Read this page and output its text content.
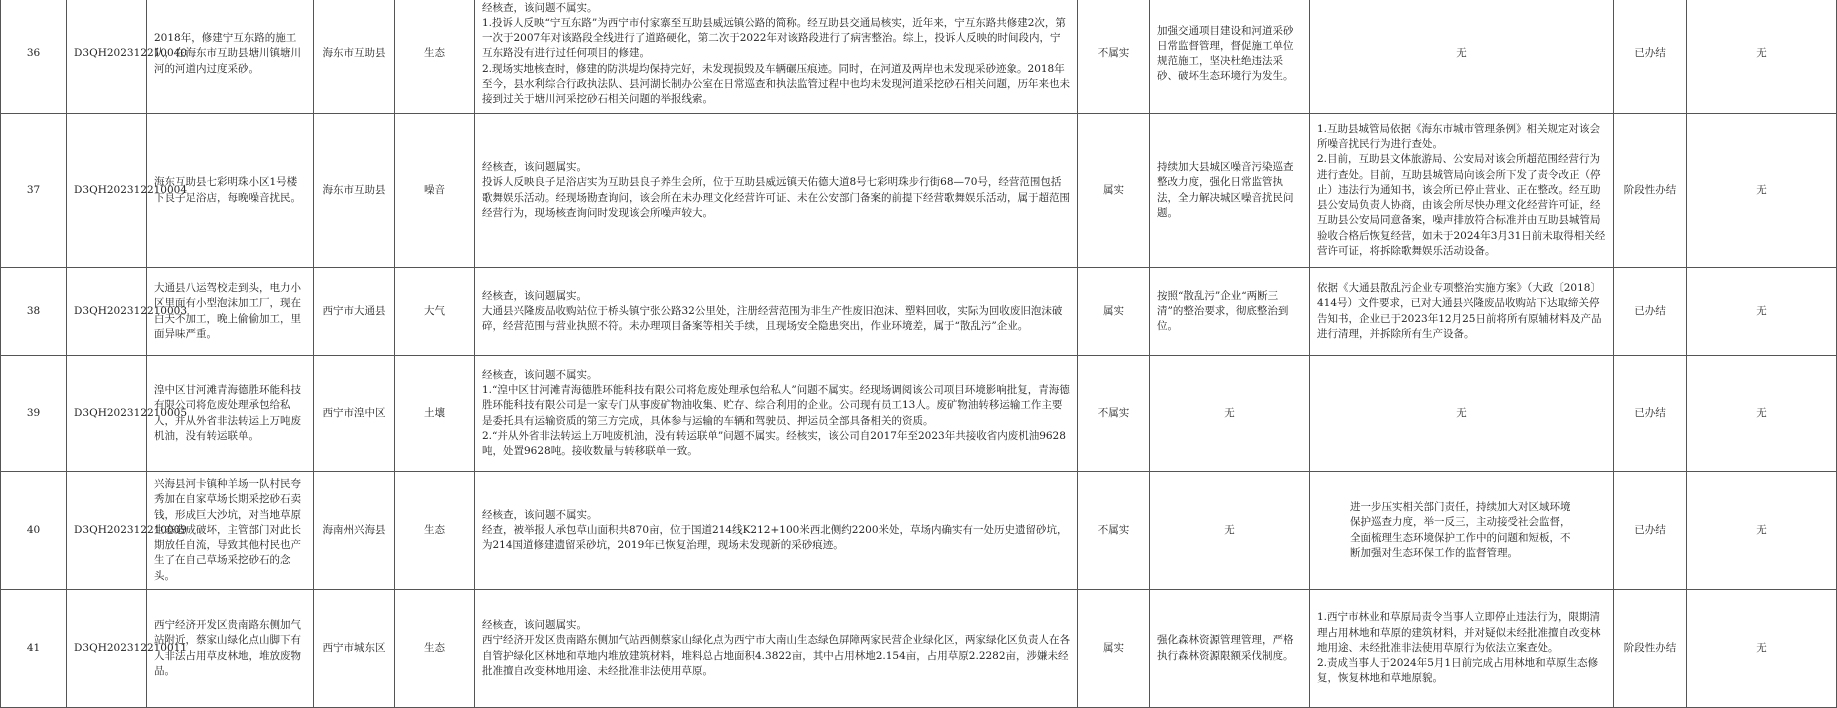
36	D3QH202312210040	2018年，修建宁互东路的施工队，在海东市互助县塘川镇塘川河的河道内过度采砂。	海东市互助县	生态	经核查，该问题不属实。
1.投诉人反映“宁互东路”为西宁市付家寨至互助县威远镇公路的简称。经互助县交通局核实，近年来，宁互东路共修建2次，第一次于2007年对该路段全线进行了道路硬化，第二次于2022年对该路段进行了病害整治。综上，投诉人反映的时间段内，宁互东路没有进行过任何项目的修建。
2.现场实地核查时，修建的防洪堤均保持完好，未发现损毁及车辆碾压痕迹。同时，在河道及两岸也未发现采砂迹象。2018年至今，县水利综合行政执法队、县河湖长制办公室在日常巡查和执法监管过程中也均未发现河道采挖砂石相关问题，历年来也未接到过关于塘川河采挖砂石相关问题的举报线索。	不属实	加强交通项目建设和河道采砂日常监督管理，督促施工单位规范施工，坚决杜绝违法采砂、破坏生态环境行为发生。	无	已办结	无
37	D3QH202312210004	海东互助县七彩明珠小区1号楼下良子足浴店，每晚噪音扰民。	海东市互助县	噪音	经核查，该问题属实。
投诉人反映良子足浴店实为互助县良子养生会所，位于互助县威远镇天佑德大道8号七彩明珠步行街68—70号，经营范围包括歌舞娱乐活动。经现场勘查询问，该会所在未办理文化经营许可证、未在公安部门备案的前提下经营歌舞娱乐活动，属于超范围经营行为，现场核查询问时发现该会所噪声较大。	属实	持续加大县城区噪音污染巡查整改力度，强化日常监管执法，全力解决城区噪音扰民问题。	1.互助县城管局依据《海东市城市管理条例》相关规定对该会所噪音扰民行为进行查处。
2.目前，互助县文体旅游局、公安局对该会所超范围经营行为进行查处。目前，互助县城管局向该会所下发了责令改正（停止）违法行为通知书，该会所已停止营业、正在整改。经互助县公安局负责人协商，由该会所尽快办理文化经营许可证，经互助县公安局同意备案，噪声排放符合标准并由互助县城管局验收合格后恢复经营，如未于2024年3月31日前未取得相关经营许可证，将拆除歌舞娱乐活动设备。	阶段性办结	无
38	D3QH202312210003	大通县八运驾校走到头，电力小区里面有小型泡沫加工厂，现在白天不加工，晚上偷偷加工，里面异味严重。	西宁市大通县	大气	经核查，该问题属实。
大通县兴隆废品收购站位于桥头镇宁张公路32公里处，注册经营范围为非生产性废旧泡沫、塑料回收，实际为回收废旧泡沫破碎，经营范围与营业执照不符。未办理项目备案等相关手续，且现场安全隐患突出，作业环境差，属于“散乱污”企业。	属实	按照“散乱污”企业“两断三清”的整治要求，彻底整治到位。	依据《大通县散乱污企业专项整治实施方案》（大政〔2018〕414号）文件要求，已对大通县兴隆废品收购站下达取缔关停告知书，企业已于2023年12月25日前将所有原辅材料及产品进行清理，并拆除所有生产设备。	已办结	无
39	D3QH202312210005	湟中区甘河滩青海德胜环能科技有限公司将危废处理承包给私人，并从外省非法转运上万吨废机油，没有转运联单。	西宁市湟中区	土壤	经核查，该问题不属实。
1.“湟中区甘河滩青海德胜环能科技有限公司将危废处理承包给私人”问题不属实。经现场调阅该公司项目环境影响批复，青海德胜环能科技有限公司是一家专门从事废矿物油收集、贮存、综合利用的企业。公司现有员工13人。废矿物油转移运输工作主要是委托具有运输资质的第三方完成，具体参与运输的车辆和驾驶员、押运员全部具备相关的资质。
2.“并从外省非法转运上万吨废机油，没有转运联单”问题不属实。经核实，该公司自2017年至2023年共接收省内废机油9628吨，处置9628吨。接收数量与转移联单一致。	不属实	无	无	已办结	无
40	D3QH202312210009	兴海县河卡镇种羊场一队村民夸秀加在自家草场长期采挖砂石卖钱，形成巨大沙坑，对当地草原生态造成破坏，主管部门对此长期放任自流，导致其他村民也产生了在自己草场采挖砂石的念头。	海南州兴海县	生态	经核查，该问题不属实。
经查，被举报人承包草山面积共870亩，位于国道214线K212+100米西北侧约2200米处，草场内确实有一处历史遗留砂坑，为214国道修建遗留采砂坑，2019年已恢复治理，现场未发现新的采砂痕迹。	不属实	无	进一步压实相关部门责任，持续加大对区域环境保护巡查力度，举一反三，主动接受社会监督，全面梳理生态环境保护工作中的问题和短板，不断加强对生态环保工作的监督管理。	已办结	无
41	D3QH202312210011	西宁经济开发区贵南路东侧加气站附近，蔡家山绿化点山脚下有人非法占用草皮林地，堆放废物品。	西宁市城东区	生态	经核查，该问题属实。
西宁经济开发区贵南路东侧加气站西侧蔡家山绿化点为西宁市大南山生态绿色屏障两家民营企业绿化区，两家绿化区负责人在各自管护绿化区林地和草地内堆放建筑材料，堆料总占地面积4.3822亩，其中占用林地2.154亩，占用草原2.2282亩，涉嫌未经批准擅自改变林地用途、未经批准非法使用草原。	属实	强化森林资源管理管理，严格执行森林资源限额采伐制度。	1.西宁市林业和草原局责令当事人立即停止违法行为，限期清理占用林地和草原的建筑材料，并对疑似未经批准擅自改变林地用途、未经批准非法使用草原行为依法立案查处。
2.责成当事人于2024年5月1日前完成占用林地和草原生态修复，恢复林地和草地原貌。	阶段性办结	无
